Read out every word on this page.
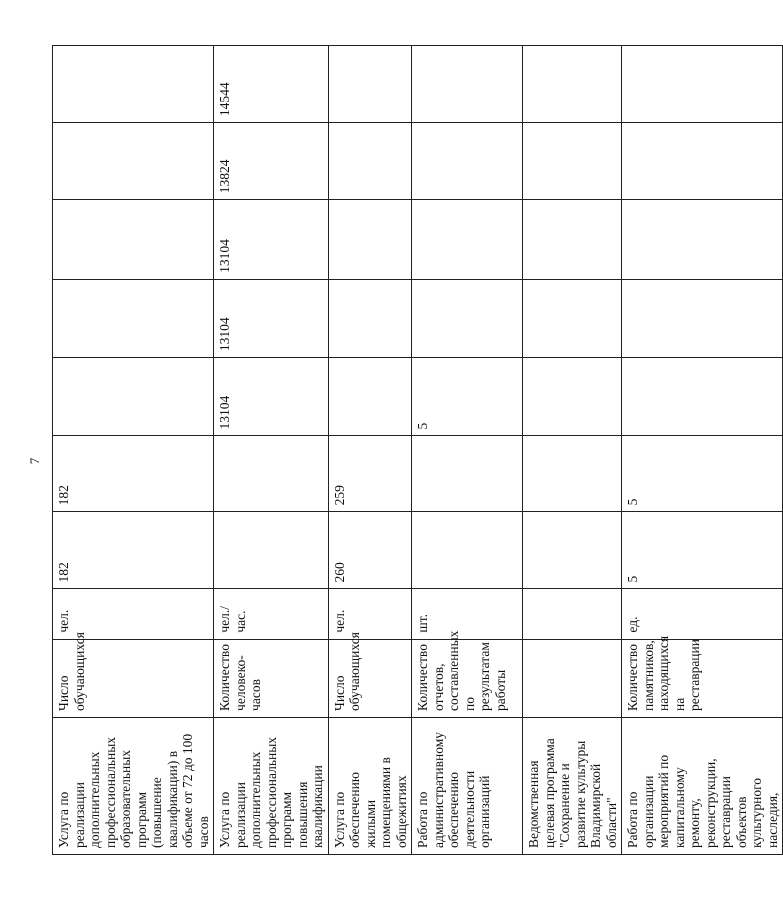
7
Услуга по реализации дополнительных профессиональных образовательных программ (повышение квалификации) в объеме от 72 до 100 часов	Число обучающихся	чел.	182	182					
Услуга по реализации дополнительных профессиональных программ повышения квалификации	Количество человеко-часов	чел./час.			13104	13104	13104	13824	14544
Услуга по обеспечению жилыми помещениями в общежитиях	Число обучающихся	чел.	260	259					
Работа по административному обеспечению деятельности организаций	Количество отчетов, составленных по результатам работы	шт.			5				
Ведомственная целевая программа "Сохранение и развитие культуры Владимирской области"									
Работа по организации мероприятий по капитальному ремонту, реконструкции, реставрации объектов культурного наследия,	Количество памятников, находящихся на реставрации	ед.	5	5					
